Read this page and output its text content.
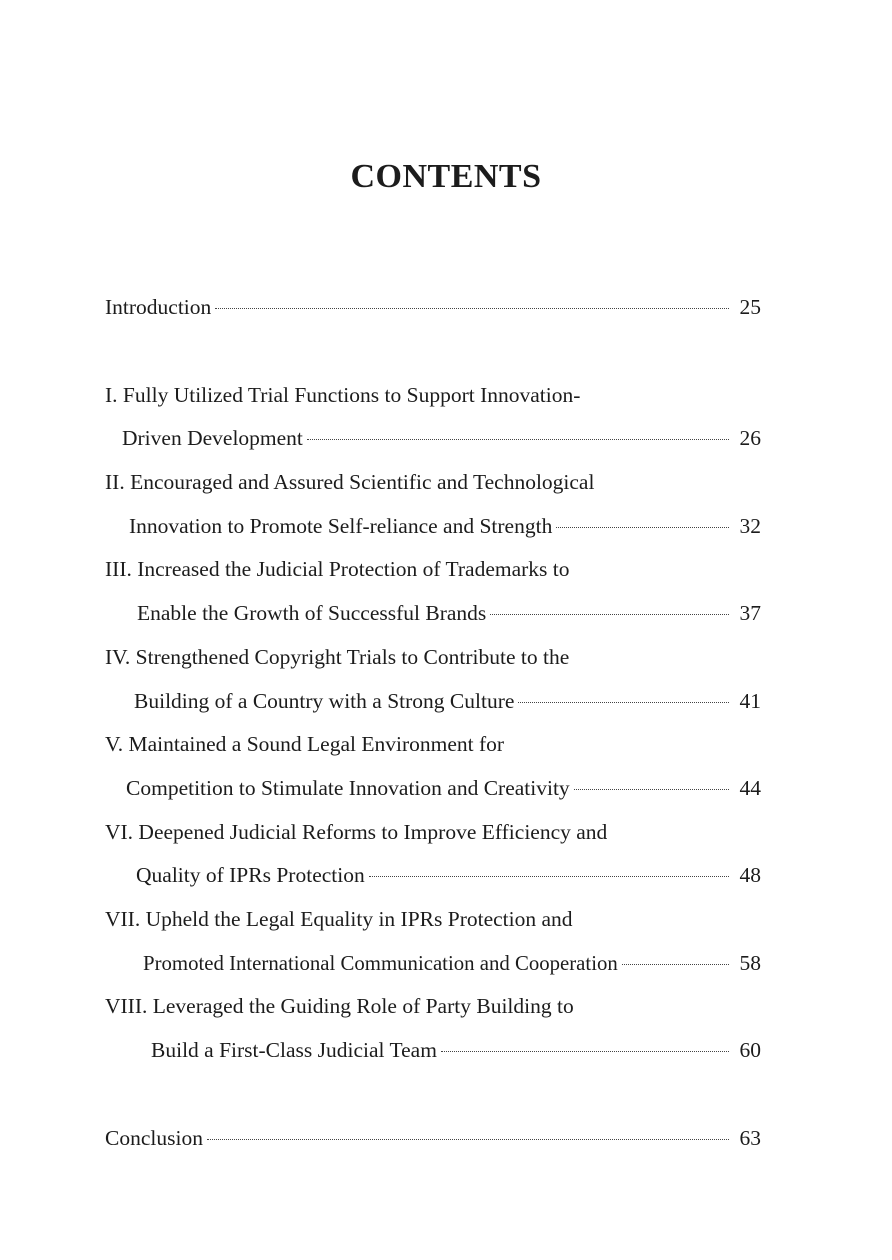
CONTENTS
Introduction	25
I. Fully Utilized Trial Functions to Support Innovation-
Driven Development	26
II. Encouraged and Assured Scientific and Technological
Innovation to Promote Self-reliance and Strength	32
III. Increased the Judicial Protection of Trademarks to
Enable the Growth of Successful Brands	37
IV. Strengthened Copyright Trials to Contribute to the
Building of a Country with a Strong Culture	41
V. Maintained a Sound Legal Environment for
Competition to Stimulate Innovation and Creativity	44
VI. Deepened Judicial Reforms to Improve Efficiency and
Quality of IPRs Protection	48
VII. Upheld the Legal Equality in IPRs Protection and
Promoted International Communication and Cooperation	58
VIII. Leveraged the Guiding Role of Party Building to
Build a First-Class Judicial Team	60
Conclusion	63
